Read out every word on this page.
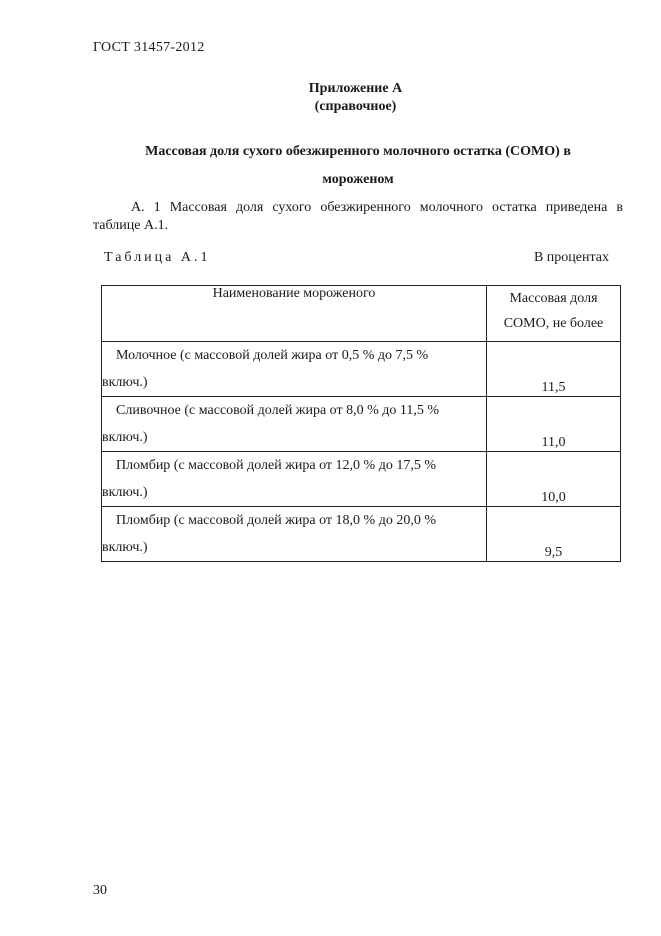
ГОСТ 31457-2012
Приложение А
(справочное)
Массовая доля сухого обезжиренного молочного остатка (СОМО) в
мороженом
А. 1 Массовая доля сухого обезжиренного молочного остатка приведена в таблице А.1.
Таблица А.1	В процентах
Наименование мороженого	Массовая доля
СОМО, не более

Молочное (с массовой долей жира от 0,5 % до 7,5 %
включ.)	11,5

Сливочное (с массовой долей жира от 8,0 % до 11,5 %
включ.)	11,0

Пломбир (с массовой долей жира от 12,0 % до 17,5 %
включ.)	10,0

Пломбир (с массовой долей жира от 18,0 % до 20,0 %
включ.)	9,5
30
